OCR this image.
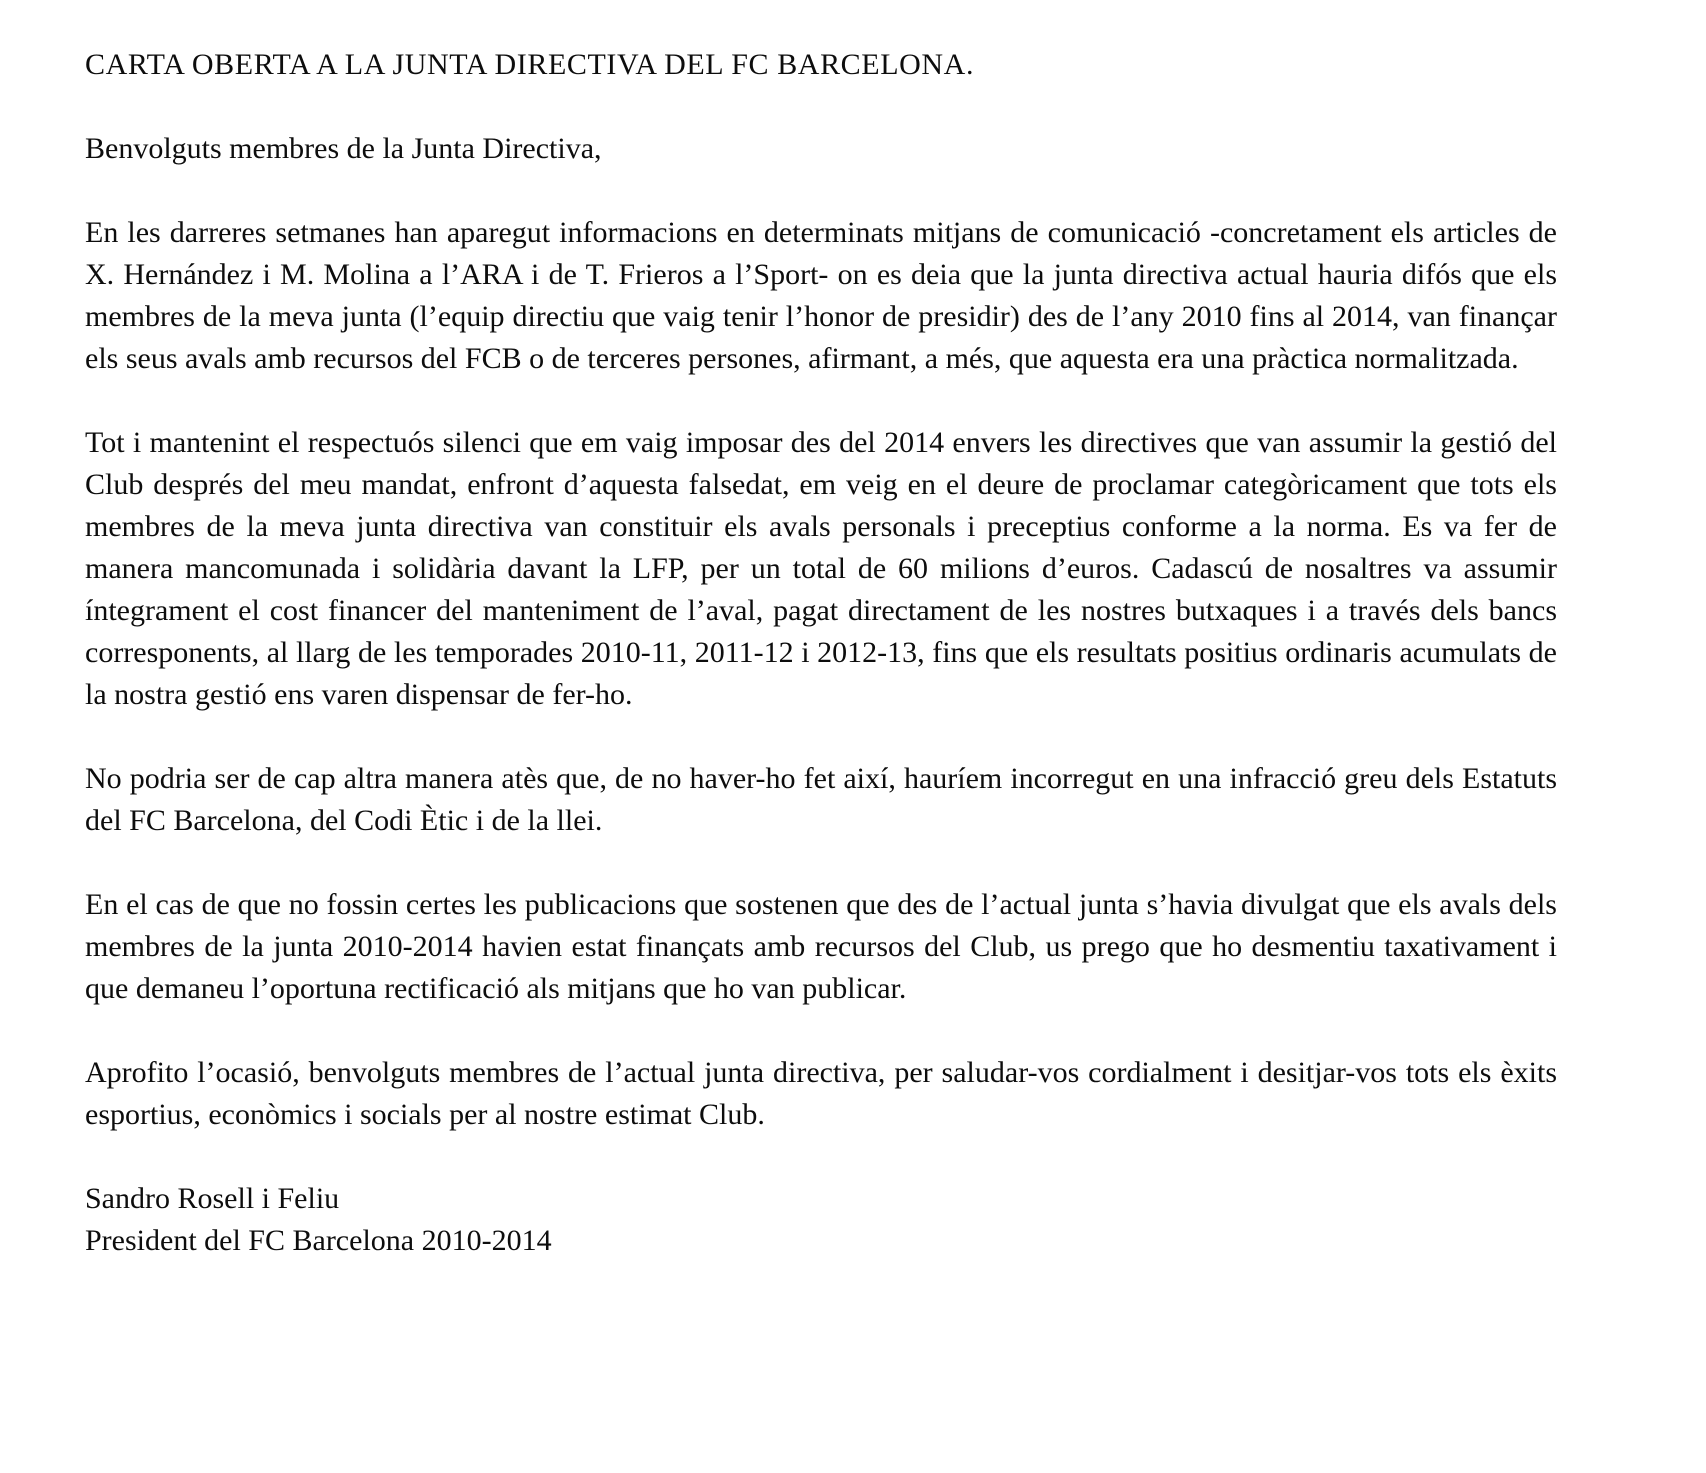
CARTA OBERTA A LA JUNTA DIRECTIVA DEL FC BARCELONA.

Benvolguts membres de la Junta Directiva,

En les darreres setmanes han aparegut informacions en determinats mitjans de comunicació -concretament els articles de X. Hernández i M. Molina a l’ARA i de T. Frieros a l’Sport- on es deia que la junta directiva actual hauria difós que els membres de la meva junta (l’equip directiu que vaig tenir l’honor de presidir) des de l’any 2010 fins al 2014, van finançar els seus avals amb recursos del FCB o de terceres persones, afirmant, a més, que aquesta era una pràctica normalitzada.

Tot i mantenint el respectuós silenci que em vaig imposar des del 2014 envers les directives que van assumir la gestió del Club després del meu mandat, enfront d’aquesta falsedat, em veig en el deure de proclamar categòricament que tots els membres de la meva junta directiva van constituir els avals personals i preceptius conforme a la norma. Es va fer de manera mancomunada i solidària davant la LFP, per un total de 60 milions d’euros. Cadascú de nosaltres va assumir íntegrament el cost financer del manteniment de l’aval, pagat directament de les nostres butxaques i a través dels bancs corresponents, al llarg de les temporades 2010-11, 2011-12 i 2012-13, fins que els resultats positius ordinaris acumulats de la nostra gestió ens varen dispensar de fer-ho.

No podria ser de cap altra manera atès que, de no haver-ho fet així, hauríem incorregut en una infracció greu dels Estatuts del FC Barcelona, del Codi Ètic i de la llei.

En el cas de que no fossin certes les publicacions que sostenen que des de l’actual junta s’havia divulgat que els avals dels membres de la junta 2010-2014 havien estat finançats amb recursos del Club, us prego que ho desmentiu taxativament i que demaneu l’oportuna rectificació als mitjans que ho van publicar.

Aprofito l’ocasió, benvolguts membres de l’actual junta directiva, per saludar-vos cordialment i desitjar-vos tots els èxits esportius, econòmics i socials per al nostre estimat Club.

Sandro Rosell i Feliu

President del FC Barcelona 2010-2014
